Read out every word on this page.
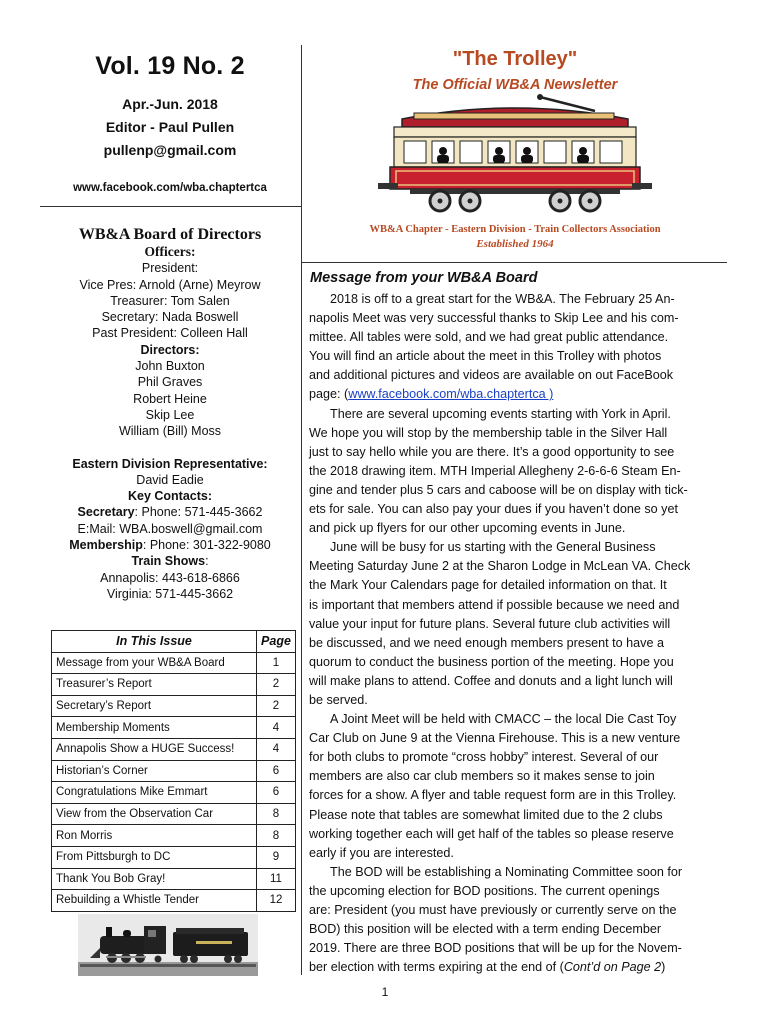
Vol. 19 No. 2
Apr.-Jun. 2018
Editor - Paul Pullen
pullenp@gmail.com
www.facebook.com/wba.chaptertca
WB&A Board of Directors
Officers:
President:
Vice Pres: Arnold (Arne) Meyrow
Treasurer: Tom Salen
Secretary: Nada Boswell
Past President: Colleen Hall
Directors:
John Buxton
Phil Graves
Robert Heine
Skip Lee
William (Bill) Moss
Eastern Division Representative:
David Eadie
Key Contacts:
Secretary: Phone: 571-445-3662
E:Mail: WBA.boswell@gmail.com
Membership: Phone: 301-322-9080
Train Shows:
Annapolis: 443-618-6866
Virginia: 571-445-3662
In This Issue	Page
Message from your WB&A Board	1
Treasurer’s Report	2
Secretary’s Report	2
Membership Moments	4
Annapolis Show a HUGE Success!	4
Historian’s Corner	6
Congratulations Mike Emmart	6
View from the Observation Car	8
Ron Morris	8
From Pittsburgh to DC	9
Thank You Bob Gray!	11
Rebuilding a Whistle Tender	12
"The Trolley"
The Official WB&A Newsletter
WB&A Chapter - Eastern Division - Train Collectors Association
Established 1964
Message from your WB&A Board
2018 is off to a great start for the WB&A. The February 25 An-
napolis Meet was very successful thanks to Skip Lee and his com-
mittee. All tables were sold, and we had great public attendance.
You will find an article about the meet in this Trolley with photos
and additional pictures and videos are available on out FaceBook
page: (www.facebook.com/wba.chaptertca )
There are several upcoming events starting with York in April.
We hope you will stop by the membership table in the Silver Hall
just to say hello while you are there. It’s a good opportunity to see
the 2018 drawing item. MTH Imperial Allegheny 2-6-6-6 Steam En-
gine and tender plus 5 cars and caboose will be on display with tick-
ets for sale. You can also pay your dues if you haven’t done so yet
and pick up flyers for our other upcoming events in June.
June will be busy for us starting with the General Business
Meeting Saturday June 2 at the Sharon Lodge in McLean VA. Check
the Mark Your Calendars page for detailed information on that. It
is important that members attend if possible because we need and
value your input for future plans. Several future club activities will
be discussed, and we need enough members present to have a
quorum to conduct the business portion of the meeting. Hope you
will make plans to attend. Coffee and donuts and a light lunch will
be served.
A Joint Meet will be held with CMACC – the local Die Cast Toy
Car Club on June 9 at the Vienna Firehouse. This is a new venture
for both clubs to promote “cross hobby” interest. Several of our
members are also car club members so it makes sense to join
forces for a show. A flyer and table request form are in this Trolley.
Please note that tables are somewhat limited due to the 2 clubs
working together each will get half of the tables so please reserve
early if you are interested.
The BOD will be establishing a Nominating Committee soon for
the upcoming election for BOD positions. The current openings
are: President (you must have previously or currently serve on the
BOD) this position will be elected with a term ending December
2019. There are three BOD positions that will be up for the Novem-
ber election with terms expiring at the end of (Cont’d on Page 2)
1
